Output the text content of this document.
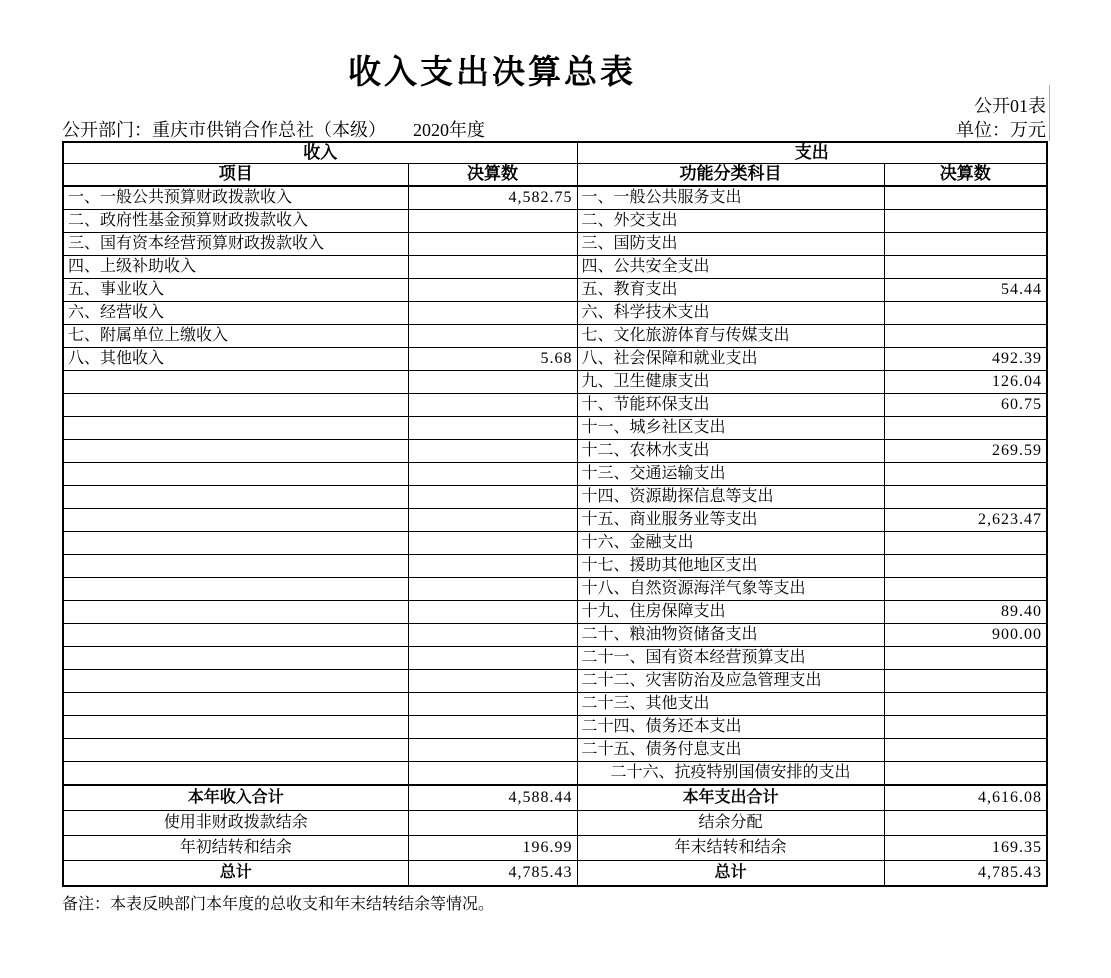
收入支出决算总表
公开01表
公开部门：重庆市供销合作总社（本级）　　2020年度	单位：万元
收入		支出	
项目	决算数	功能分类科目	决算数
一、一般公共预算财政拨款收入	4,582.75	一、一般公共服务支出	
二、政府性基金预算财政拨款收入		二、外交支出	
三、国有资本经营预算财政拨款收入		三、国防支出	
四、上级补助收入		四、公共安全支出	
五、事业收入		五、教育支出	54.44
六、经营收入		六、科学技术支出	
七、附属单位上缴收入		七、文化旅游体育与传媒支出	
八、其他收入	5.68	八、社会保障和就业支出	492.39
		九、卫生健康支出	126.04
		十、节能环保支出	60.75
		十一、城乡社区支出	
		十二、农林水支出	269.59
		十三、交通运输支出	
		十四、资源勘探信息等支出	
		十五、商业服务业等支出	2,623.47
		十六、金融支出	
		十七、援助其他地区支出	
		十八、自然资源海洋气象等支出	
		十九、住房保障支出	89.40
		二十、粮油物资储备支出	900.00
		二十一、国有资本经营预算支出	
		二十二、灾害防治及应急管理支出	
		二十三、其他支出	
		二十四、债务还本支出	
		二十五、债务付息支出	
		二十六、抗疫特别国债安排的支出	
本年收入合计	4,588.44	本年支出合计	4,616.08
使用非财政拨款结余		结余分配	
年初结转和结余	196.99	年末结转和结余	169.35
总计	4,785.43	总计	4,785.43
备注：本表反映部门本年度的总收支和年末结转结余等情况。
